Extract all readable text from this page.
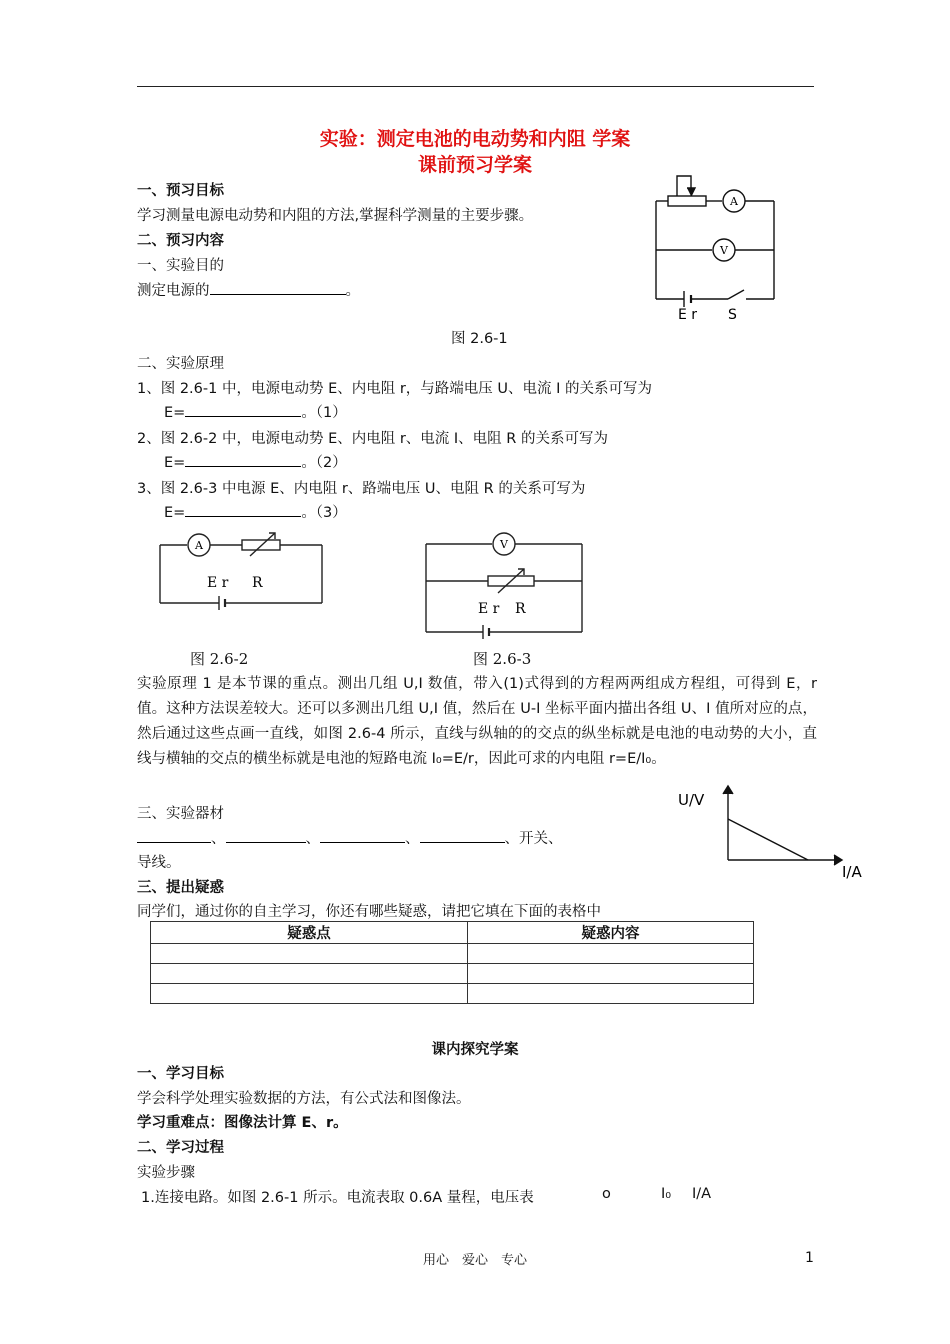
实验：测定电池的电动势和内阻 学案
课前预习学案
一、预习目标
学习测量电源电动势和内阻的方法,掌握科学测量的主要步骤。
二、预习内容
一、实验目的
测定电源的	。
A
V
E r S
图 2.6-1
二、实验原理
1、图 2.6-1 中，电源电动势 E、内电阻 r，与路端电压 U、电流 I 的关系可写为
E=	。（1）
2、图 2.6-2 中，电源电动势 E、内电阻 r、电流 I、电阻 R 的关系可写为
E=	。（2）
3、图 2.6-3 中电源 E、内电阻 r、路端电压 U、电阻 R 的关系可写为
E=	。（3）
A
E r R
图 2.6-2
V
E r R
图 2.6-3
实验原理 1 是本节课的重点。测出几组 U,I 数值，带入(1)式得到的方程两两组成方程组，可得到 E，r 值。这种方法误差较大。还可以多测出几组 U,I 值，然后在 U-I 坐标平面内描出各组 U、I 值所对应的点，然后通过这些点画一直线，如图 2.6-4 所示，直线与纵轴的的交点的纵坐标就是电池的电动势的大小，直线与横轴的交点的横坐标就是电池的短路电流 I₀=E/r，因此可求的内电阻 r=E/I₀。
U/V
I/A
三、实验器材
、	、	、	、开关、
导线。
三、提出疑惑
同学们，通过你的自主学习，你还有哪些疑惑，请把它填在下面的表格中
疑惑点	疑惑内容

课内探究学案
一、学习目标
学会科学处理实验数据的方法，有公式法和图像法。
学习重难点：图像法计算 E、r。
二、学习过程
实验步骤
1.连接电路。如图 2.6-1 所示。电流表取 0.6A 量程，电压表	o	I₀ I/A
用心　爱心　专心	1
